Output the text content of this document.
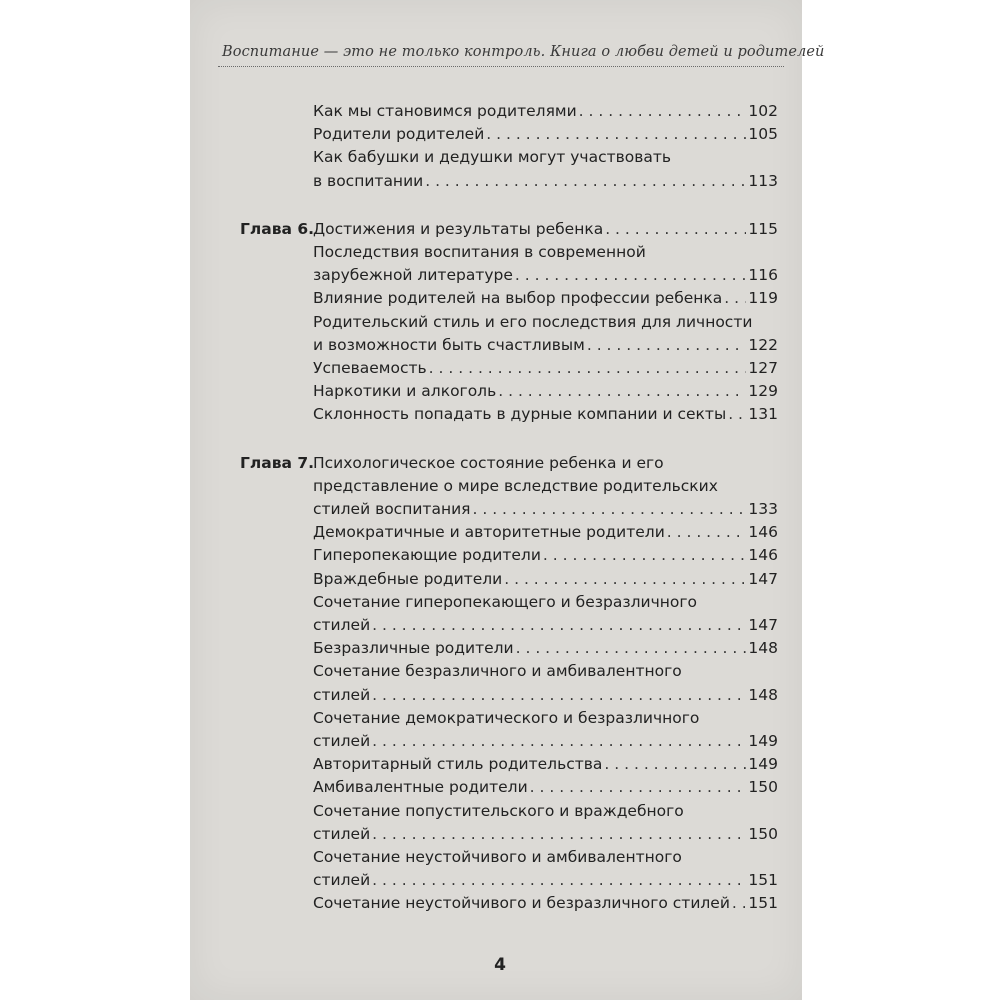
Воспитание — это не только контроль. Книга о любви детей и родителей
Как мы становимся родителями . . .	102
Родители родителей . . .	105
Как бабушки и дедушки могут участвовать
в воспитании . . .	113
Глава 6.
Достижения и результаты ребенка . . .	115
Последствия воспитания в современной
зарубежной литературе . . .	116
Влияние родителей на выбор профессии ребенка . . . 119
Родительский стиль и его последствия для личности
и возможности быть счастливым . . .	122
Успеваемость . . .	127
Наркотики и алкоголь . . .	129
Склонность попадать в дурные компании и секты . . . 131
Глава 7.
Психологическое состояние ребенка и его
представление о мире вследствие родительских
стилей воспитания . . .	133
Демократичные и авторитетные родители . . .	146
Гиперопекающие родители . . .	146
Враждебные родители . . .	147
Сочетание гиперопекающего и безразличного
стилей . . .	147
Безразличные родители . . .	148
Сочетание безразличного и амбивалентного
стилей . . .	148
Сочетание демократического и безразличного
стилей . . .	149
Авторитарный стиль родительства . . .	149
Амбивалентные родители . . .	150
Сочетание попустительского и враждебного
стилей . . .	150
Сочетание неустойчивого и амбивалентного
стилей . . .	151
Сочетание неустойчивого и безразличного стилей . . . 151
4
